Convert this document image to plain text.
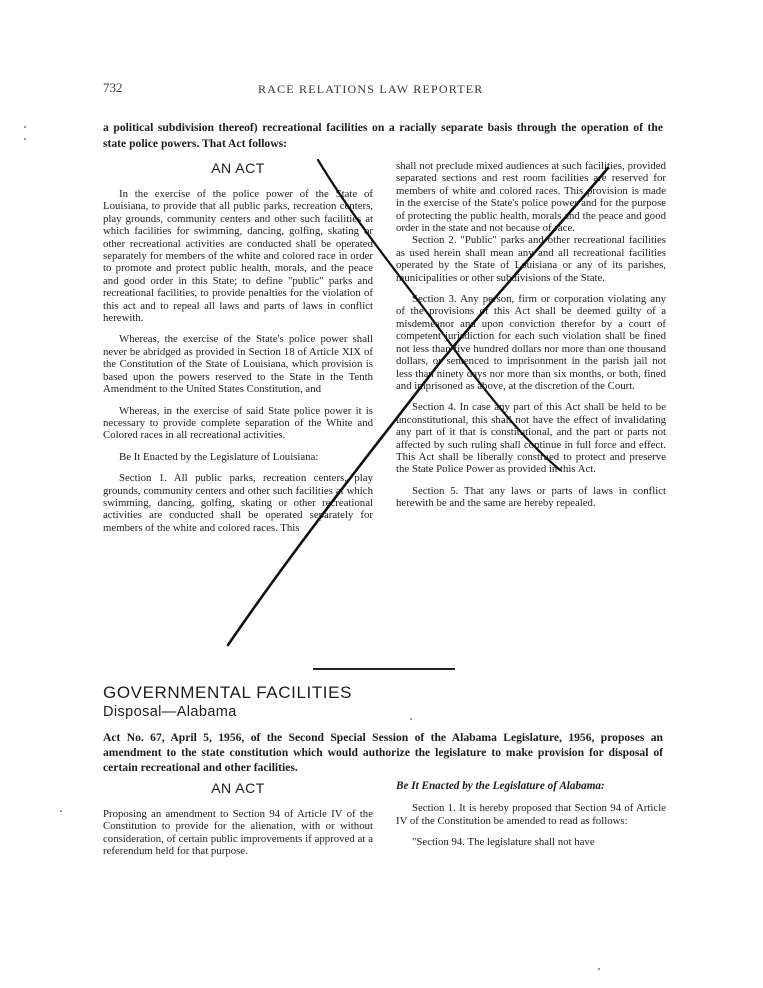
732	RACE RELATIONS LAW REPORTER

a political subdivision thereof) recreational facilities on a racially separate basis through the operation of the state police powers. That Act follows:

AN ACT

In the exercise of the police power of the State of Louisiana, to provide that all public parks, recreation centers, play grounds, community centers and other such facilities at which facilities for swimming, dancing, golfing, skating or other recreational activities are conducted shall be operated separately for members of the white and colored race in order to promote and protect public health, morals, and the peace and good order in this State; to define "public" parks and recreational facilities, to provide penalties for the violation of this act and to repeal all laws and parts of laws in conflict herewith.

Whereas, the exercise of the State's police power shall never be abridged as provided in Section 18 of Article XIX of the Constitution of the State of Louisiana, which provision is based upon the powers reserved to the State in the Tenth Amendment to the United States Constitution, and

Whereas, in the exercise of said State police power it is necessary to provide complete separation of the White and Colored races in all recreational activities.

Be It Enacted by the Legislature of Louisiana:

Section 1. All public parks, recreation centers, play grounds, community centers and other such facilities at which swimming, dancing, golfing, skating or other recreational activities are conducted shall be operated separately for members of the white and colored races. This

shall not preclude mixed audiences at such facilities, provided separated sections and rest room facilities are reserved for members of white and colored races. This provision is made in the exercise of the State's police power and for the purpose of protecting the public health, morals and the peace and good order in the state and not because of race.

Section 2. "Public" parks and other recreational facilities as used herein shall mean any and all recreational facilities operated by the State of Louisiana or any of its parishes, municipalities or other subdivisions of the State.

Section 3. Any person, firm or corporation violating any of the provisions of this Act shall be deemed guilty of a misdemeanor and upon conviction therefor by a court of competent jurisdiction for each such violation shall be fined not less than five hundred dollars nor more than one thousand dollars, or sentenced to imprisonment in the parish jail not less than ninety days nor more than six months, or both, fined and imprisoned as above, at the discretion of the Court.

Section 4. In case any part of this Act shall be held to be unconstitutional, this shall not have the effect of invalidating any part of it that is constitutional, and the part or parts not affected by such ruling shall continue in full force and effect. This Act shall be liberally construed to protect and preserve the State Police Power as provided in this Act.

Section 5. That any laws or parts of laws in conflict herewith be and the same are hereby repealed.

GOVERNMENTAL FACILITIES
Disposal—Alabama

Act No. 67, April 5, 1956, of the Second Special Session of the Alabama Legislature, 1956, proposes an amendment to the state constitution which would authorize the legislature to make provision for disposal of certain recreational and other facilities.

AN ACT

Proposing an amendment to Section 94 of Article IV of the Constitution to provide for the alienation, with or without consideration, of certain public improvements if approved at a referendum held for that purpose.

Be It Enacted by the Legislature of Alabama:

Section 1. It is hereby proposed that Section 94 of Article IV of the Constitution be amended to read as follows:

"Section 94. The legislature shall not have
